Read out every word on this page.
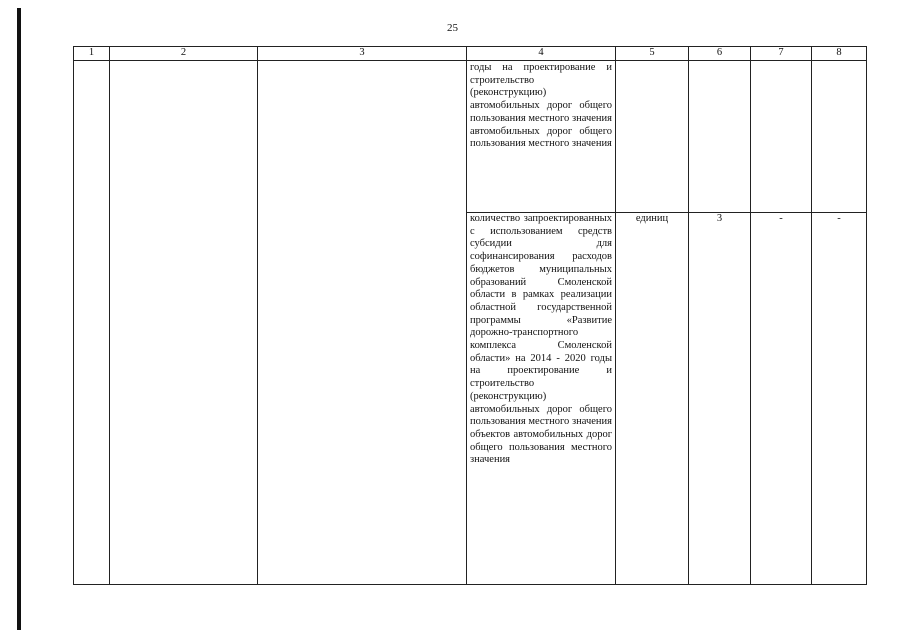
25
1	2	3	4	5	6	7	8
			годы на проектирование и строительство (реконструкцию) автомобильных дорог общего пользования местного значения автомобильных дорог общего пользования местного значения				
			количество запроектированных с использованием средств субсидии для софинансирования расходов бюджетов муниципальных образований Смоленской области в рамках реализации областной государственной программы «Развитие дорожно-транспортного комплекса Смоленской области» на 2014 - 2020 годы на проектирование и строительство (реконструкцию) автомобильных дорог общего пользования местного значения объектов автомобильных дорог общего пользования местного значения	единиц	3	-	-
